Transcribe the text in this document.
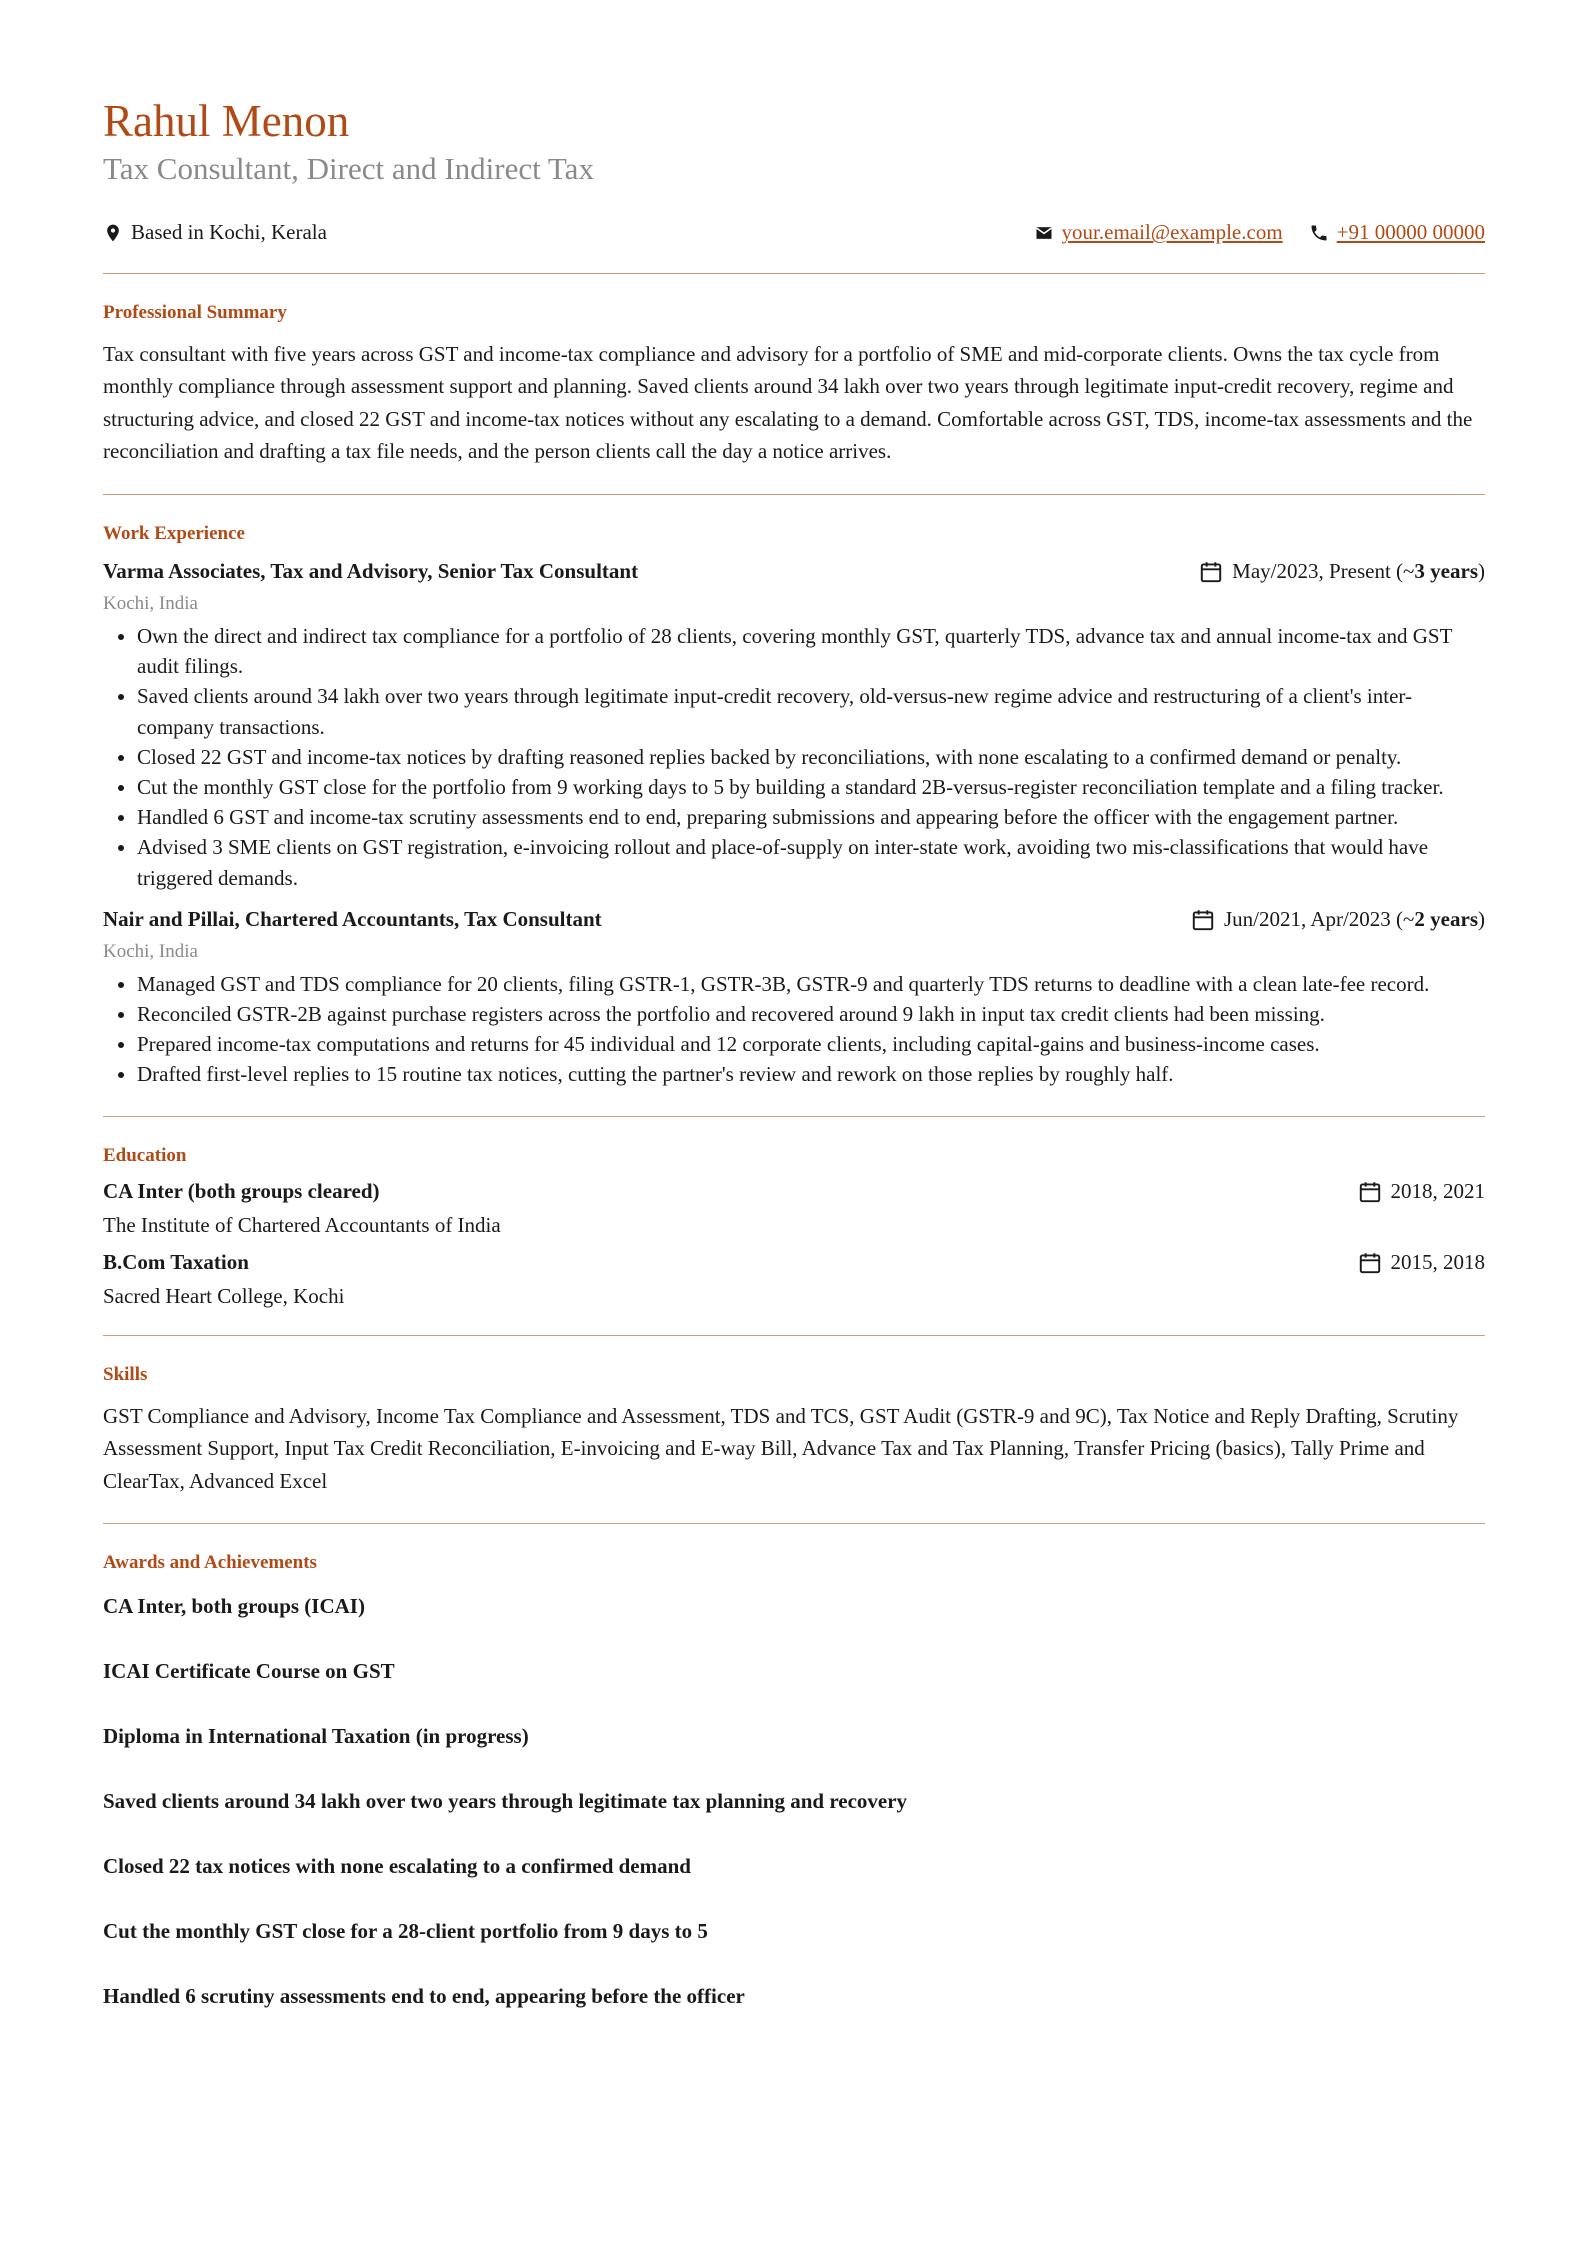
Rahul Menon
Tax Consultant, Direct and Indirect Tax
Based in Kochi, Kerala	your.email@example.com	+91 00000 00000
Professional Summary
Tax consultant with five years across GST and income-tax compliance and advisory for a portfolio of SME and mid-corporate clients. Owns the tax cycle from monthly compliance through assessment support and planning. Saved clients around 34 lakh over two years through legitimate input-credit recovery, regime and structuring advice, and closed 22 GST and income-tax notices without any escalating to a demand. Comfortable across GST, TDS, income-tax assessments and the reconciliation and drafting a tax file needs, and the person clients call the day a notice arrives.
Work Experience
Varma Associates, Tax and Advisory, Senior Tax Consultant	May/2023, Present (~ 3 years )
Kochi, India
• Own the direct and indirect tax compliance for a portfolio of 28 clients, covering monthly GST, quarterly TDS, advance tax and annual income-tax and GST audit filings.
• Saved clients around 34 lakh over two years through legitimate input-credit recovery, old-versus-new regime advice and restructuring of a client's inter-company transactions.
• Closed 22 GST and income-tax notices by drafting reasoned replies backed by reconciliations, with none escalating to a confirmed demand or penalty.
• Cut the monthly GST close for the portfolio from 9 working days to 5 by building a standard 2B-versus-register reconciliation template and a filing tracker.
• Handled 6 GST and income-tax scrutiny assessments end to end, preparing submissions and appearing before the officer with the engagement partner.
• Advised 3 SME clients on GST registration, e-invoicing rollout and place-of-supply on inter-state work, avoiding two mis-classifications that would have triggered demands.
Nair and Pillai, Chartered Accountants, Tax Consultant	Jun/2021, Apr/2023 (~ 2 years )
Kochi, India
• Managed GST and TDS compliance for 20 clients, filing GSTR-1, GSTR-3B, GSTR-9 and quarterly TDS returns to deadline with a clean late-fee record.
• Reconciled GSTR-2B against purchase registers across the portfolio and recovered around 9 lakh in input tax credit clients had been missing.
• Prepared income-tax computations and returns for 45 individual and 12 corporate clients, including capital-gains and business-income cases.
• Drafted first-level replies to 15 routine tax notices, cutting the partner's review and rework on those replies by roughly half.
Education
CA Inter (both groups cleared)	2018, 2021
The Institute of Chartered Accountants of India
B.Com Taxation	2015, 2018
Sacred Heart College, Kochi
Skills
GST Compliance and Advisory, Income Tax Compliance and Assessment, TDS and TCS, GST Audit (GSTR-9 and 9C), Tax Notice and Reply Drafting, Scrutiny Assessment Support, Input Tax Credit Reconciliation, E-invoicing and E-way Bill, Advance Tax and Tax Planning, Transfer Pricing (basics), Tally Prime and ClearTax, Advanced Excel
Awards and Achievements
CA Inter, both groups (ICAI)
ICAI Certificate Course on GST
Diploma in International Taxation (in progress)
Saved clients around 34 lakh over two years through legitimate tax planning and recovery
Closed 22 tax notices with none escalating to a confirmed demand
Cut the monthly GST close for a 28-client portfolio from 9 days to 5
Handled 6 scrutiny assessments end to end, appearing before the officer
